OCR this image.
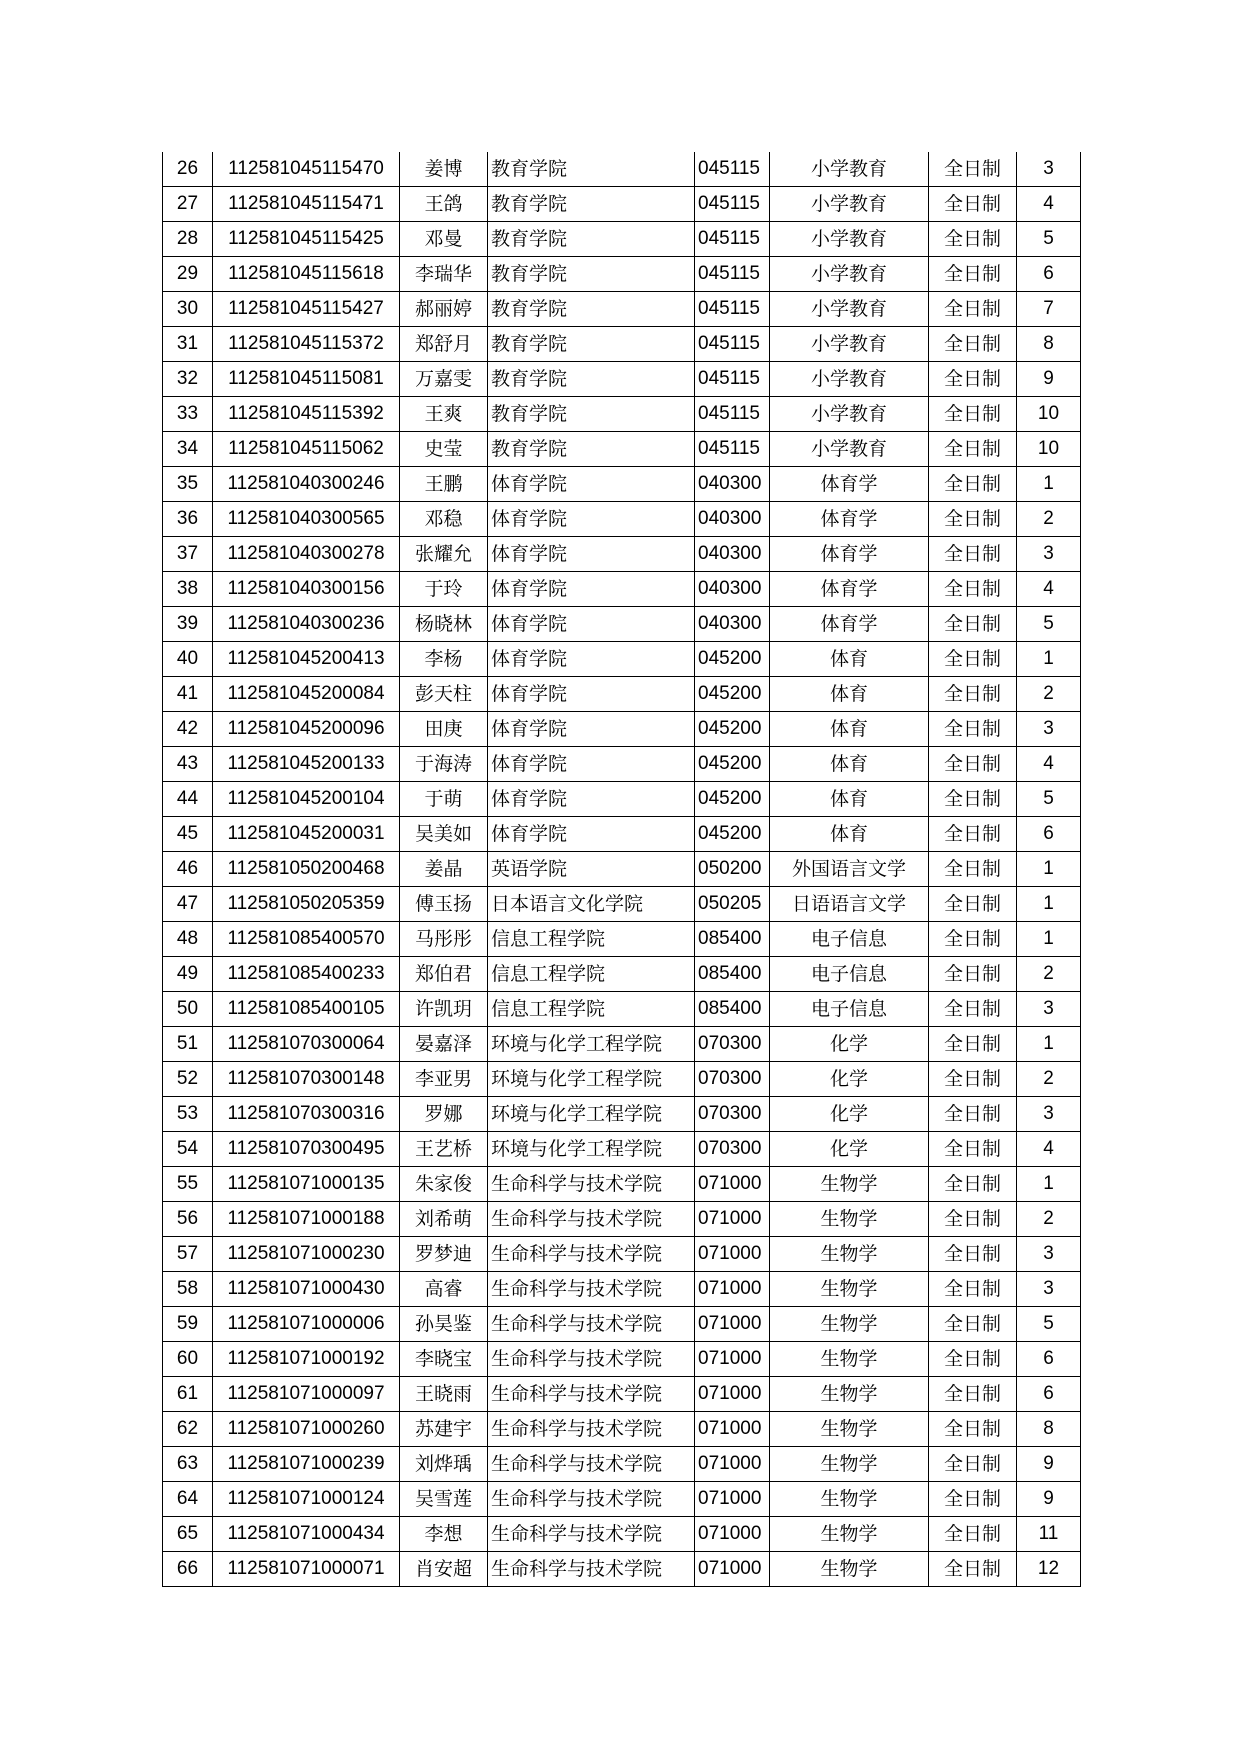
26	112581045115470	姜博	教育学院	045115	小学教育	全日制	3
27	112581045115471	王鸽	教育学院	045115	小学教育	全日制	4
28	112581045115425	邓曼	教育学院	045115	小学教育	全日制	5
29	112581045115618	李瑞华	教育学院	045115	小学教育	全日制	6
30	112581045115427	郝丽婷	教育学院	045115	小学教育	全日制	7
31	112581045115372	郑舒月	教育学院	045115	小学教育	全日制	8
32	112581045115081	万嘉雯	教育学院	045115	小学教育	全日制	9
33	112581045115392	王爽	教育学院	045115	小学教育	全日制	10
34	112581045115062	史莹	教育学院	045115	小学教育	全日制	10
35	112581040300246	王鹏	体育学院	040300	体育学	全日制	1
36	112581040300565	邓稳	体育学院	040300	体育学	全日制	2
37	112581040300278	张耀允	体育学院	040300	体育学	全日制	3
38	112581040300156	于玲	体育学院	040300	体育学	全日制	4
39	112581040300236	杨晓林	体育学院	040300	体育学	全日制	5
40	112581045200413	李杨	体育学院	045200	体育	全日制	1
41	112581045200084	彭天柱	体育学院	045200	体育	全日制	2
42	112581045200096	田庚	体育学院	045200	体育	全日制	3
43	112581045200133	于海涛	体育学院	045200	体育	全日制	4
44	112581045200104	于萌	体育学院	045200	体育	全日制	5
45	112581045200031	吴美如	体育学院	045200	体育	全日制	6
46	112581050200468	姜晶	英语学院	050200	外国语言文学	全日制	1
47	112581050205359	傅玉扬	日本语言文化学院	050205	日语语言文学	全日制	1
48	112581085400570	马彤彤	信息工程学院	085400	电子信息	全日制	1
49	112581085400233	郑伯君	信息工程学院	085400	电子信息	全日制	2
50	112581085400105	许凯玥	信息工程学院	085400	电子信息	全日制	3
51	112581070300064	晏嘉泽	环境与化学工程学院	070300	化学	全日制	1
52	112581070300148	李亚男	环境与化学工程学院	070300	化学	全日制	2
53	112581070300316	罗娜	环境与化学工程学院	070300	化学	全日制	3
54	112581070300495	王艺桥	环境与化学工程学院	070300	化学	全日制	4
55	112581071000135	朱家俊	生命科学与技术学院	071000	生物学	全日制	1
56	112581071000188	刘希萌	生命科学与技术学院	071000	生物学	全日制	2
57	112581071000230	罗梦迪	生命科学与技术学院	071000	生物学	全日制	3
58	112581071000430	高睿	生命科学与技术学院	071000	生物学	全日制	3
59	112581071000006	孙昊鉴	生命科学与技术学院	071000	生物学	全日制	5
60	112581071000192	李晓宝	生命科学与技术学院	071000	生物学	全日制	6
61	112581071000097	王晓雨	生命科学与技术学院	071000	生物学	全日制	6
62	112581071000260	苏建宇	生命科学与技术学院	071000	生物学	全日制	8
63	112581071000239	刘烨瑀	生命科学与技术学院	071000	生物学	全日制	9
64	112581071000124	吴雪莲	生命科学与技术学院	071000	生物学	全日制	9
65	112581071000434	李想	生命科学与技术学院	071000	生物学	全日制	11
66	112581071000071	肖安超	生命科学与技术学院	071000	生物学	全日制	12
